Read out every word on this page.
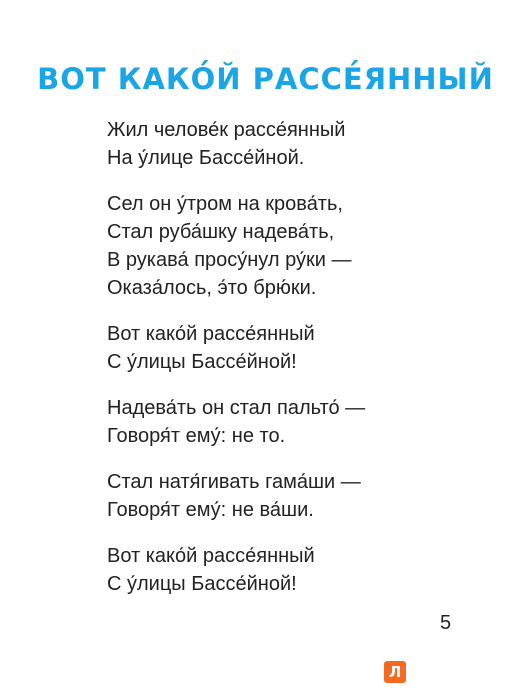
ВОТ КАКО́Й РАССЕ́ЯННЫЙ
Жил челове́к рассе́янный
На у́лице Бассе́йной.
Сел он у́тром на крова́ть,
Стал руба́шку надева́ть,
В рукава́ просу́нул ру́ки —
Оказа́лось, э́то брю́ки.
Вот како́й рассе́янный
С у́лицы Бассе́йной!
Надева́ть он стал пальто́ —
Говоря́т ему́: не то.
Стал натя́гивать гама́ши —
Говоря́т ему́: не ва́ши.
Вот како́й рассе́янный
С у́лицы Бассе́йной!
5
Л
